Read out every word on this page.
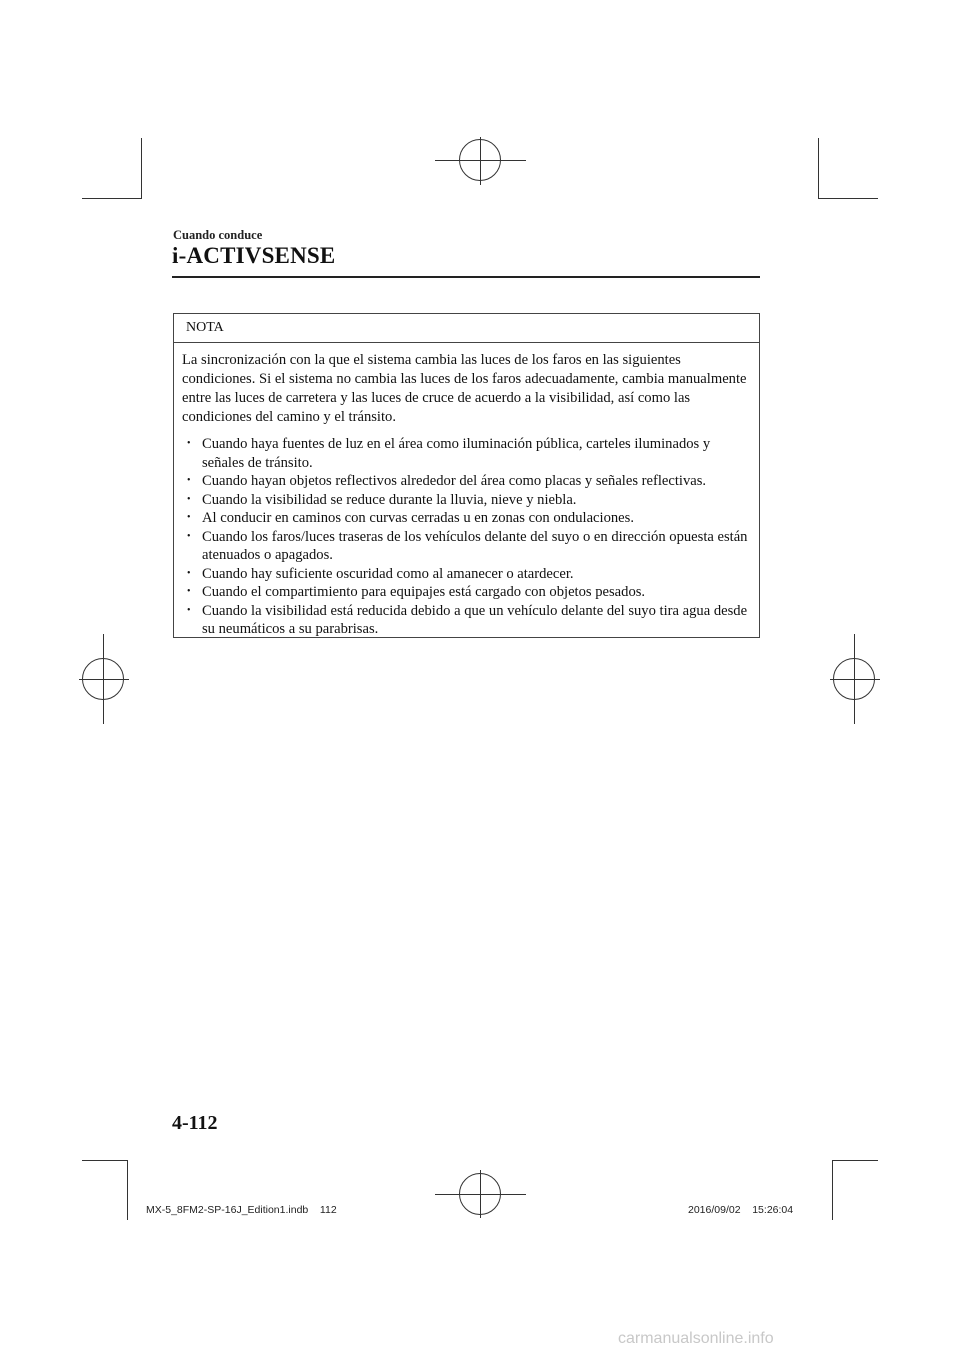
Cuando conduce
i-ACTIVSENSE
NOTA

La sincronización con la que el sistema cambia las luces de los faros en las siguientes condiciones. Si el sistema no cambia las luces de los faros adecuadamente, cambia manualmente entre las luces de carretera y las luces de cruce de acuerdo a la visibilidad, así como las condiciones del camino y el tránsito.

• Cuando haya fuentes de luz en el área como iluminación pública, carteles iluminados y señales de tránsito.
• Cuando hayan objetos reflectivos alrededor del área como placas y señales reflectivas.
• Cuando la visibilidad se reduce durante la lluvia, nieve y niebla.
• Al conducir en caminos con curvas cerradas u en zonas con ondulaciones.
• Cuando los faros/luces traseras de los vehículos delante del suyo o en dirección opuesta están atenuados o apagados.
• Cuando hay suficiente oscuridad como al amanecer o atardecer.
• Cuando el compartimiento para equipajes está cargado con objetos pesados.
• Cuando la visibilidad está reducida debido a que un vehículo delante del suyo tira agua desde su neumáticos a su parabrisas.
4-112
MX-5_8FM2-SP-16J_Edition1.indb    112	2016/09/02    15:26:04
carmanualsonline.info
